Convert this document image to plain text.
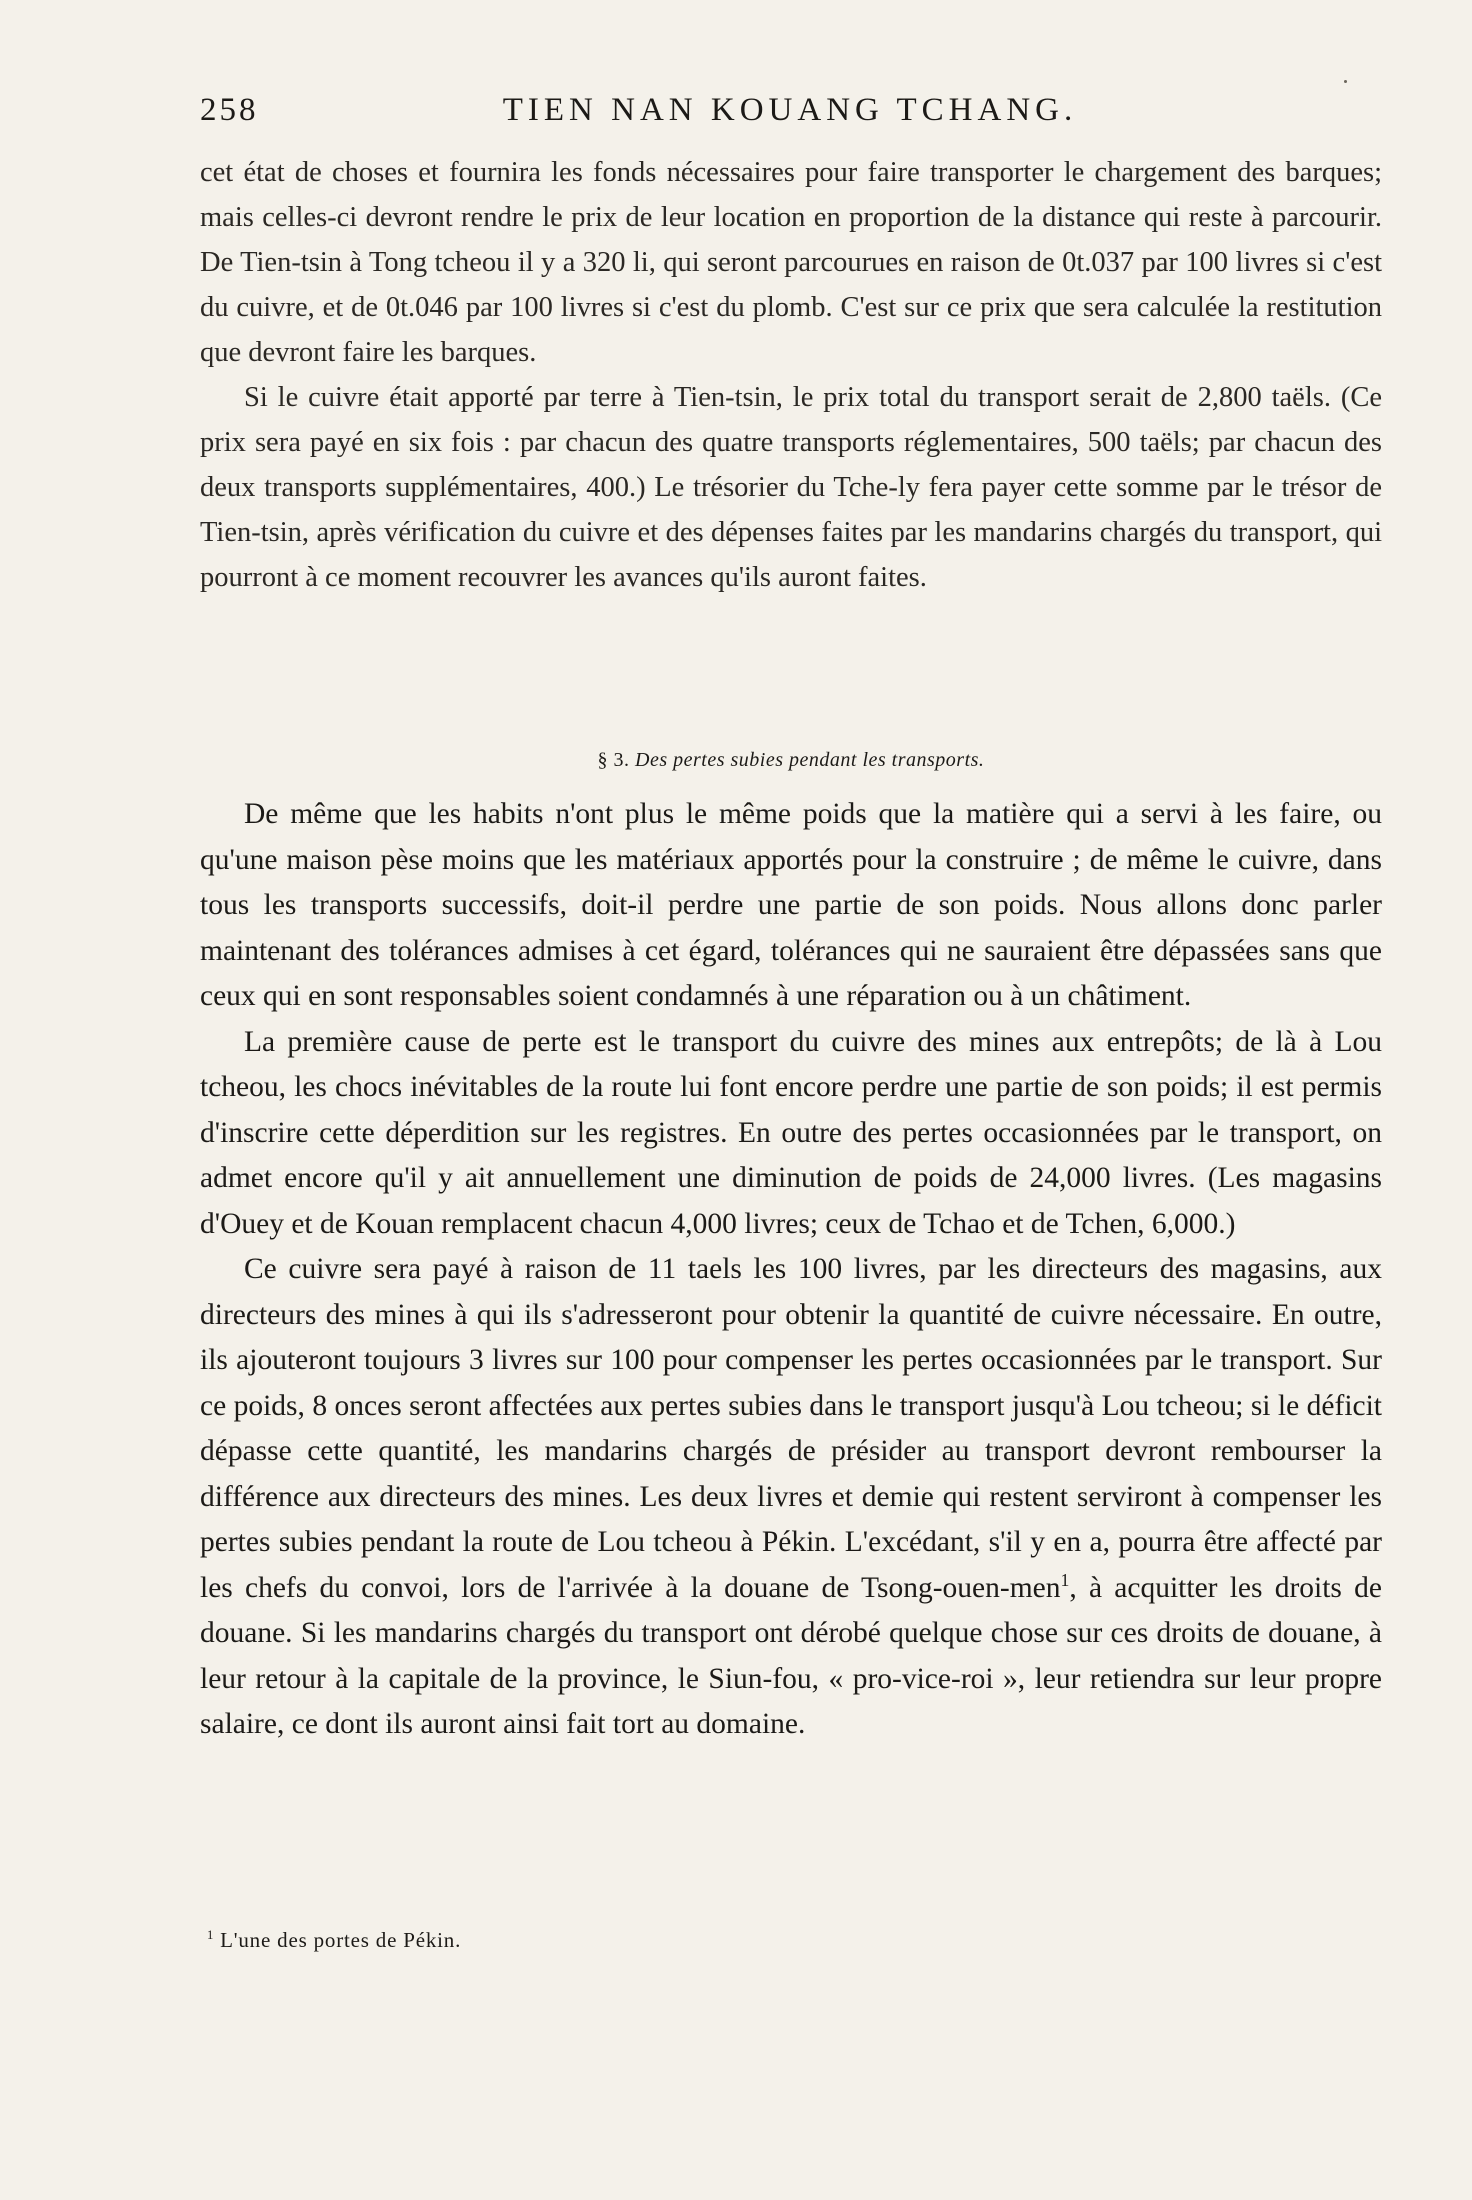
258	TIEN NAN KOUANG TCHANG.

cet état de choses et fournira les fonds nécessaires pour faire transporter le chargement des barques; mais celles-ci devront rendre le prix de leur location en proportion de la distance qui reste à parcourir. De Tien-tsin à Tong tcheou il y a 320 li, qui seront parcourues en raison de 0t.037 par 100 livres si c'est du cuivre, et de 0t.046 par 100 livres si c'est du plomb. C'est sur ce prix que sera calculée la restitution que devront faire les barques.

Si le cuivre était apporté par terre à Tien-tsin, le prix total du transport serait de 2,800 taëls. (Ce prix sera payé en six fois : par chacun des quatre transports réglementaires, 500 taëls; par chacun des deux transports supplémentaires, 400.) Le trésorier du Tche-ly fera payer cette somme par le trésor de Tien-tsin, après vérification du cuivre et des dépenses faites par les mandarins chargés du transport, qui pourront à ce moment recouvrer les avances qu'ils auront faites.

§ 3. Des pertes subies pendant les transports.

De même que les habits n'ont plus le même poids que la matière qui a servi à les faire, ou qu'une maison pèse moins que les matériaux apportés pour la construire ; de même le cuivre, dans tous les transports successifs, doit-il perdre une partie de son poids. Nous allons donc parler maintenant des tolérances admises à cet égard, tolérances qui ne sauraient être dépassées sans que ceux qui en sont responsables soient condamnés à une réparation ou à un châtiment.

La première cause de perte est le transport du cuivre des mines aux entrepôts; de là à Lou tcheou, les chocs inévitables de la route lui font encore perdre une partie de son poids; il est permis d'inscrire cette déperdition sur les registres. En outre des pertes occasionnées par le transport, on admet encore qu'il y ait annuellement une diminution de poids de 24,000 livres. (Les magasins d'Ouey et de Kouan remplacent chacun 4,000 livres; ceux de Tchao et de Tchen, 6,000.)

Ce cuivre sera payé à raison de 11 taels les 100 livres, par les directeurs des magasins, aux directeurs des mines à qui ils s'adresseront pour obtenir la quantité de cuivre nécessaire. En outre, ils ajouteront toujours 3 livres sur 100 pour compenser les pertes occasionnées par le transport. Sur ce poids, 8 onces seront affectées aux pertes subies dans le transport jusqu'à Lou tcheou; si le déficit dépasse cette quantité, les mandarins chargés de présider au transport devront rembourser la différence aux directeurs des mines. Les deux livres et demie qui restent serviront à compenser les pertes subies pendant la route de Lou tcheou à Pékin. L'excédant, s'il y en a, pourra être affecté par les chefs du convoi, lors de l'arrivée à la douane de Tsong-ouen-men$^1$, à acquitter les droits de douane. Si les mandarins chargés du transport ont dérobé quelque chose sur ces droits de douane, à leur retour à la capitale de la province, le Siun-fou, « pro-vice-roi », leur retiendra sur leur propre salaire, ce dont ils auront ainsi fait tort au domaine.

$^1$ L'une des portes de Pékin.
